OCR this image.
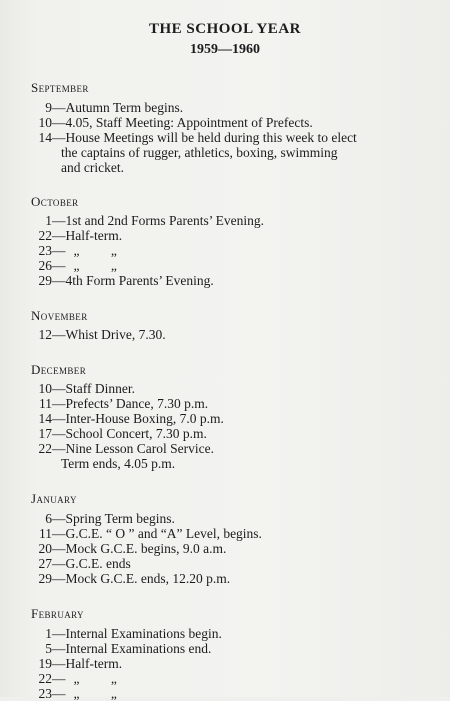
THE SCHOOL YEAR
1959—1960
September
9—Autumn Term begins.
10—4.05, Staff Meeting: Appointment of Prefects.
14—House Meetings will be held during this week to elect
the captains of rugger, athletics, boxing, swimming
and cricket.
October
1—1st and 2nd Forms Parents’ Evening.
22—Half-term.
23— „ „
26— „ „
29—4th Form Parents’ Evening.
November
12—Whist Drive, 7.30.
December
10—Staff Dinner.
11—Prefects’ Dance, 7.30 p.m.
14—Inter-House Boxing, 7.0 p.m.
17—School Concert, 7.30 p.m.
22—Nine Lesson Carol Service.
Term ends, 4.05 p.m.
January
6—Spring Term begins.
11—G.C.E. “ O ” and “A” Level, begins.
20—Mock G.C.E. begins, 9.0 a.m.
27—G.C.E. ends
29—Mock G.C.E. ends, 12.20 p.m.
February
1—Internal Examinations begin.
5—Internal Examinations end.
19—Half-term.
22— „ „
23— „ „
